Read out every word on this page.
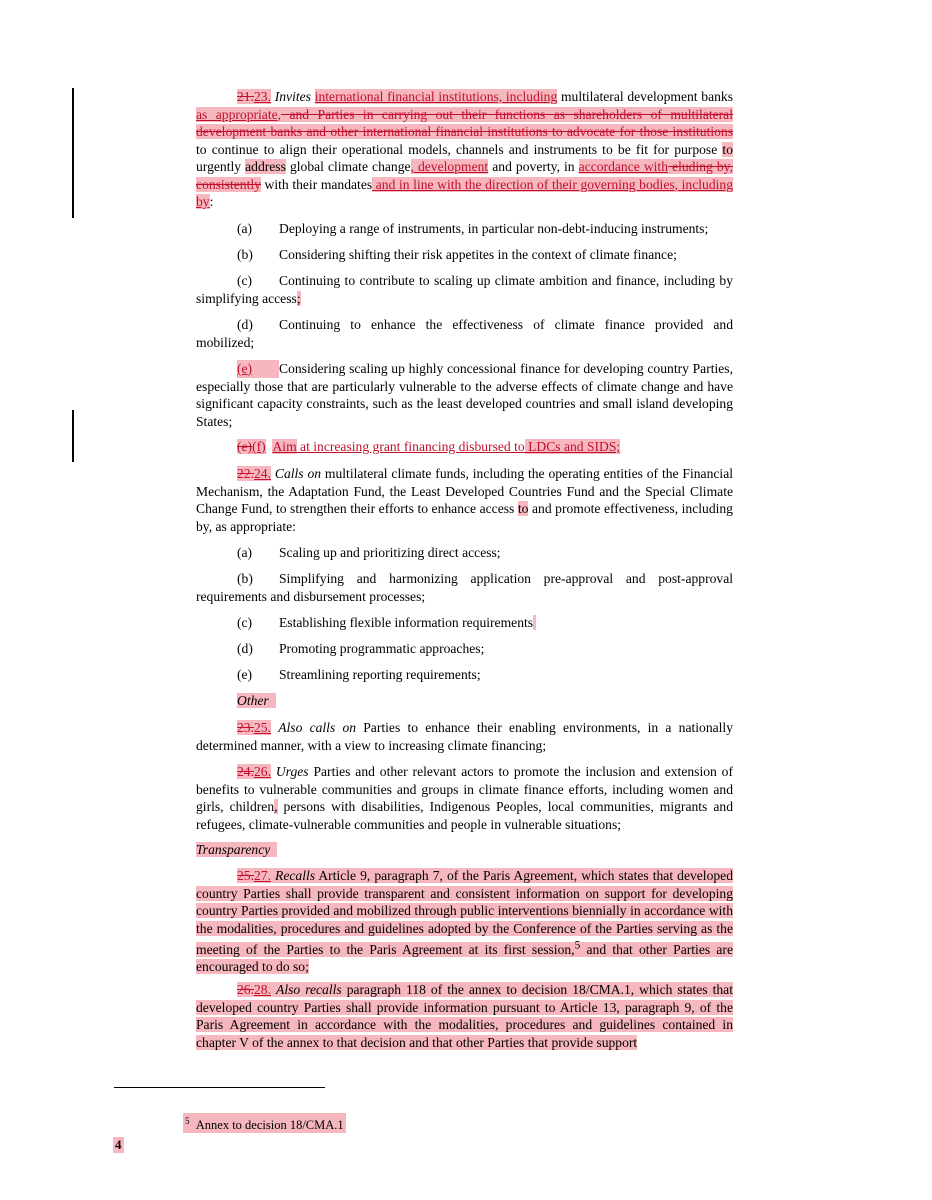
21.23. Invites international financial institutions, including multilateral development banks as appropriate, and Parties in carrying out their functions as shareholders of multilateral development banks and other international financial institutions to advocate for those institutions to continue to align their operational models, channels and instruments to be fit for purpose to urgently address global climate change, development and poverty, in accordance with eluding by, consistently with their mandates and in line with the direction of their governing bodies, including by:
(a) Deploying a range of instruments, in particular non-debt-inducing instruments;
(b) Considering shifting their risk appetites in the context of climate finance;
(c) Continuing to contribute to scaling up climate ambition and finance, including by simplifying access;
(d) Continuing to enhance the effectiveness of climate finance provided and mobilized;
(e) Considering scaling up highly concessional finance for developing country Parties, especially those that are particularly vulnerable to the adverse effects of climate change and have significant capacity constraints, such as the least developed countries and small island developing States;
(e)(f) Aim at increasing grant financing disbursed to LDCs and SIDS;
22.24. Calls on multilateral climate funds, including the operating entities of the Financial Mechanism, the Adaptation Fund, the Least Developed Countries Fund and the Special Climate Change Fund, to strengthen their efforts to enhance access to and promote effectiveness, including by, as appropriate:
(a) Scaling up and prioritizing direct access;
(b) Simplifying and harmonizing application pre-approval and post-approval requirements and disbursement processes;
(c) Establishing flexible information requirements
(d) Promoting programmatic approaches;
(e) Streamlining reporting requirements;
Other
23.25. Also calls on Parties to enhance their enabling environments, in a nationally determined manner, with a view to increasing climate financing;
24.26. Urges Parties and other relevant actors to promote the inclusion and extension of benefits to vulnerable communities and groups in climate finance efforts, including women and girls, children, persons with disabilities, Indigenous Peoples, local communities, migrants and refugees, climate-vulnerable communities and people in vulnerable situations;
Transparency
25.27. Recalls Article 9, paragraph 7, of the Paris Agreement, which states that developed country Parties shall provide transparent and consistent information on support for developing country Parties provided and mobilized through public interventions biennially in accordance with the modalities, procedures and guidelines adopted by the Conference of the Parties serving as the meeting of the Parties to the Paris Agreement at its first session,$^5$ and that other Parties are encouraged to do so;
26.28. Also recalls paragraph 118 of the annex to decision 18/CMA.1, which states that developed country Parties shall provide information pursuant to Article 13, paragraph 9, of the Paris Agreement in accordance with the modalities, procedures and guidelines contained in chapter V of the annex to that decision and that other Parties that provide support
$^5$ Annex to decision 18/CMA.1
4
